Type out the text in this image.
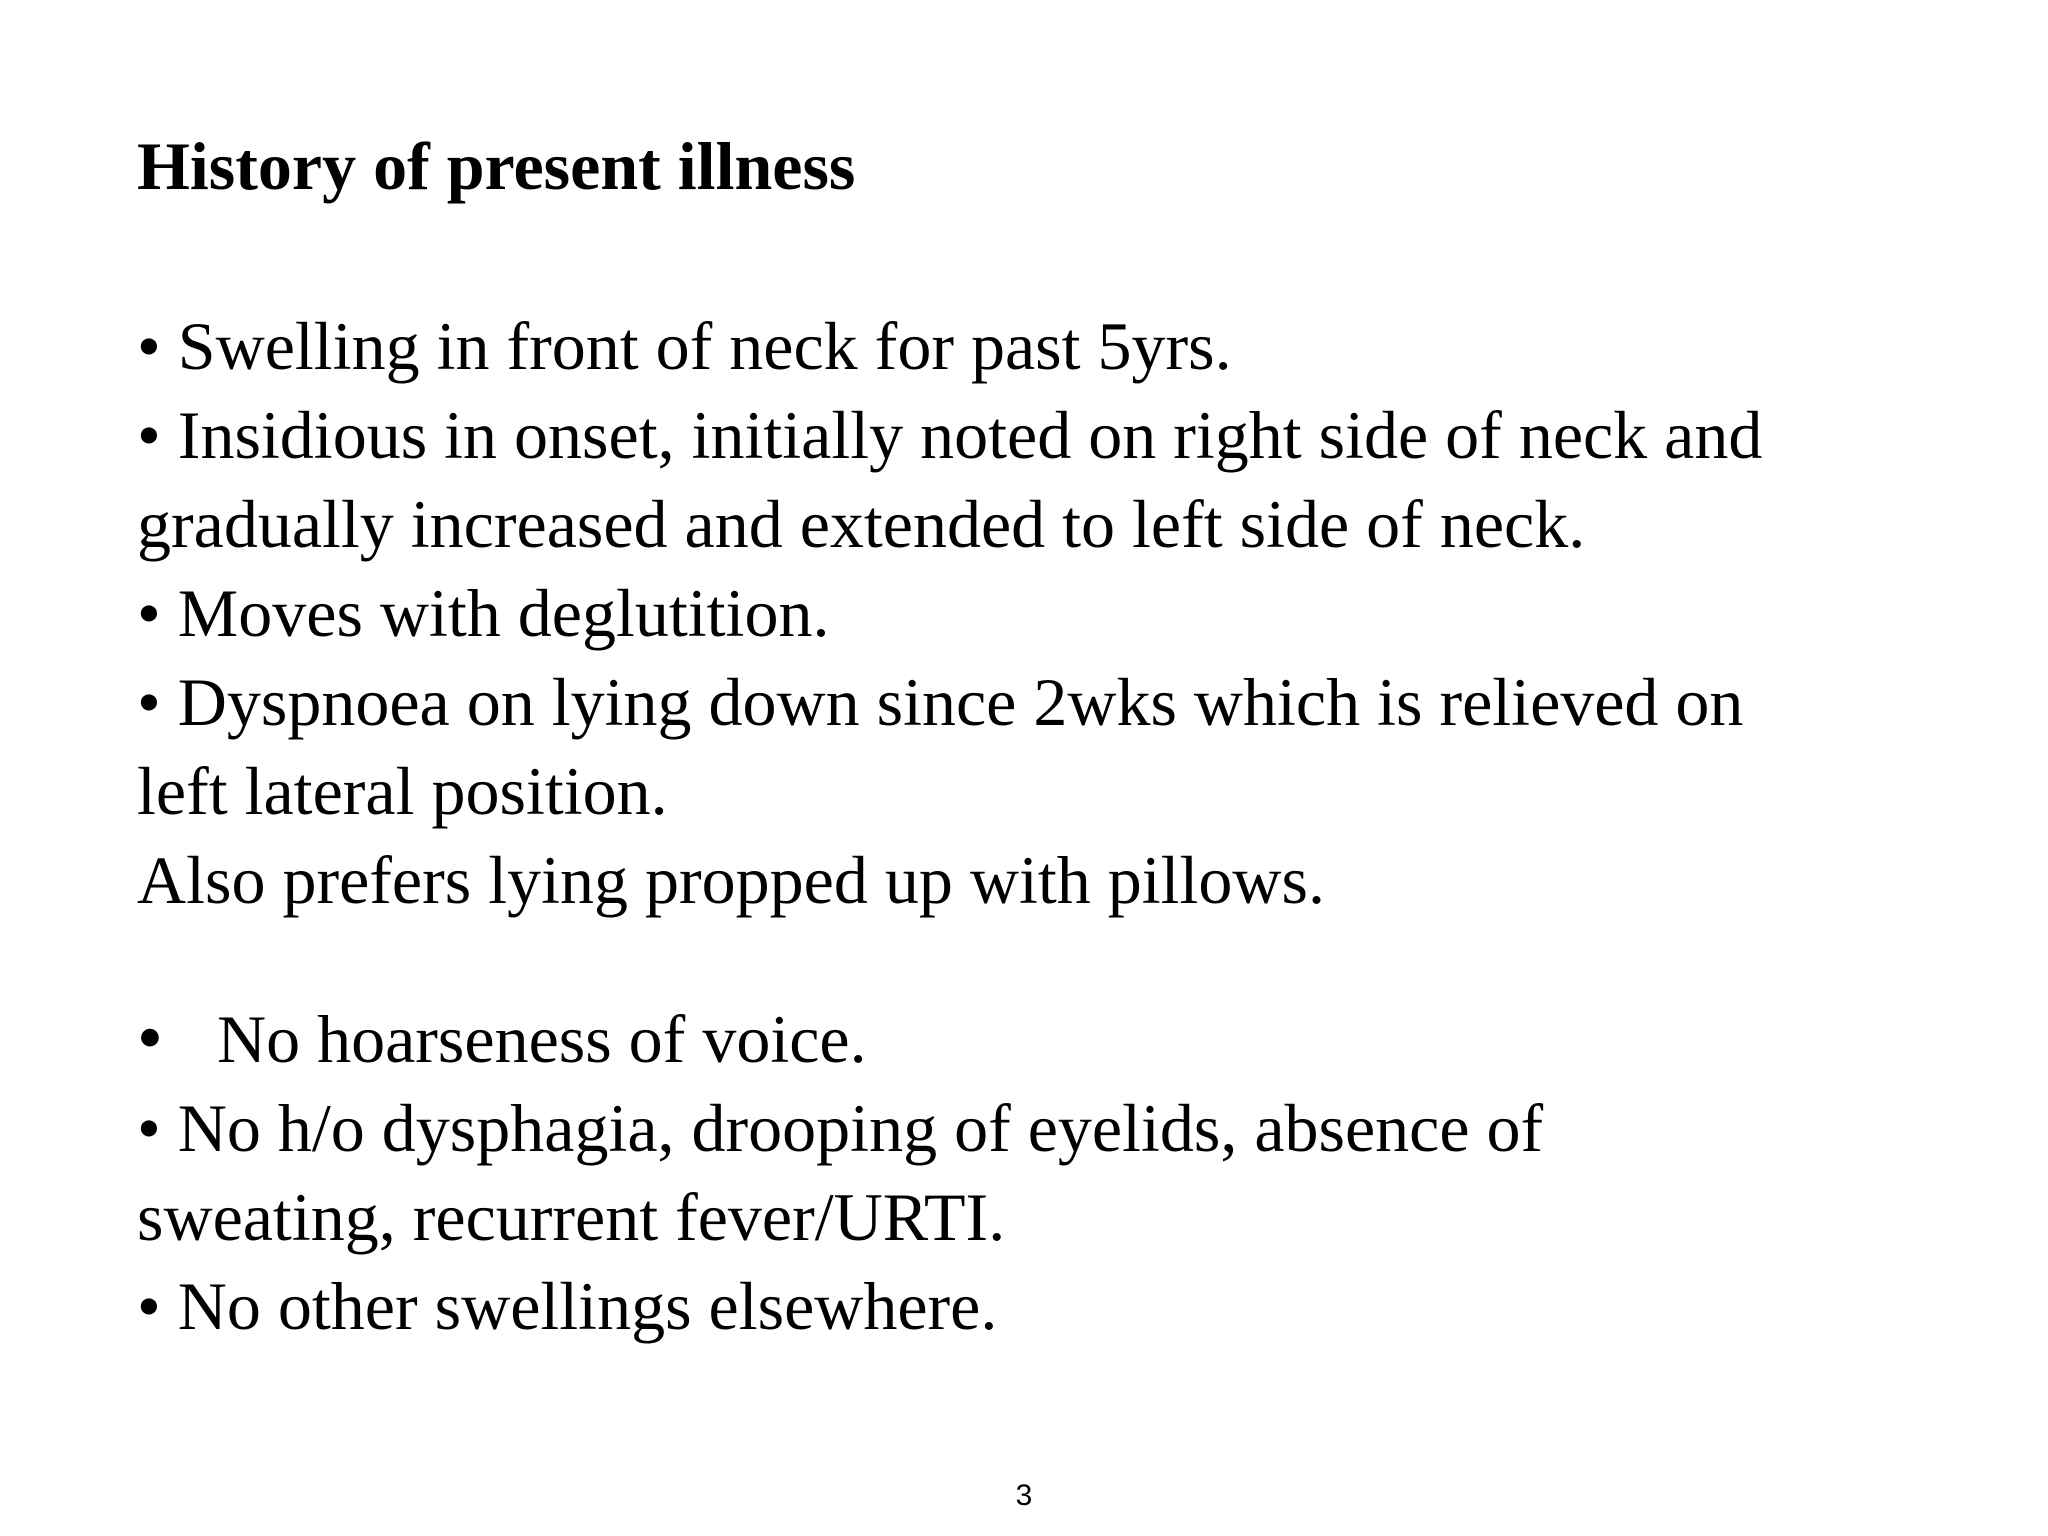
History of present illness

• Swelling in front of neck for past 5yrs.

• Insidious in onset, initially noted on right side of neck and

gradually increased and extended to left side of neck.

• Moves with deglutition.

• Dyspnoea on lying down since 2wks which is relieved on

left lateral position.

Also prefers lying propped up with pillows.

• No hoarseness of voice.

• No h/o dysphagia, drooping of eyelids, absence of

sweating, recurrent fever/URTI.

• No other swellings elsewhere.

3
